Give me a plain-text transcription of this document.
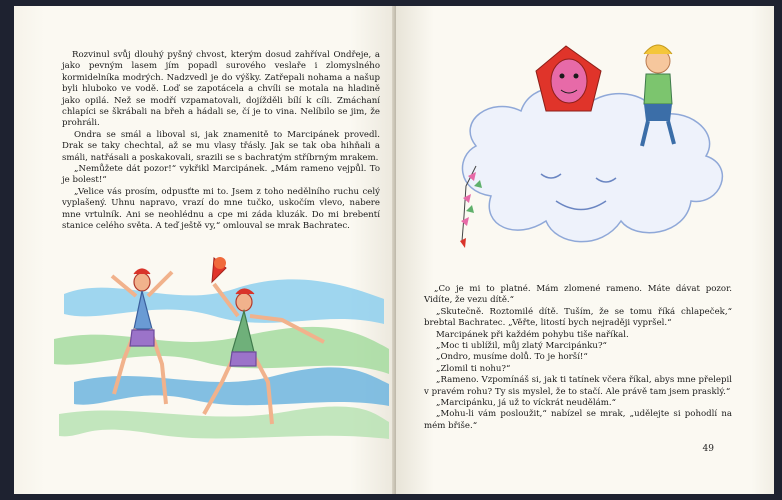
Rozvinul svůj dlouhý pyšný chvost, kterým dosud zahříval Ondřeje, a jako pevným lasem jím popadl surového veslaře i zlomyslného kormidelníka modrých. Nadzvedl je do výšky. Zatřepali nohama a našup byli hluboko ve vodě. Loď se zapotácela a chvíli se motala na hladině jako opilá. Než se modří vzpamatovali, dojížděli bílí k cíli. Zmáchaní chlapíci se škrábali na břeh a hádali se, čí je to vina. Nelíbilo se jim, že prohráli.

Ondra se smál a liboval si, jak znamenitě to Marcipánek provedl. Drak se taky chechtal, až se mu vlasy třásly. Jak se tak oba hihňali a smáli, natřásali a poskakovali, srazili se s bachratým stříbrným mrakem.

„Nemůžete dát pozor!“ vykřikl Marcipánek. „Mám rameno vejpůl. To je bolest!“

„Velice vás prosím, odpusťte mi to. Jsem z toho nedělního ruchu celý vyplašený. Uhnu napravo, vrazí do mne tučko, uskočím vlevo, nabere mne vrtulník. Ani se neohlédnu a cpe mi záda kluzák. Do mi brebentí stanice celého světa. A teď ještě vy,“ omlouval se mrak Bachratec.

„Co je mi to platné. Mám zlomené rameno. Máte dávat pozor. Vidíte, že vezu dítě.“

„Skutečně. Roztomilé dítě. Tuším, že se tomu říká chlapeček,“ brebtal Bachratec. „Věřte, litostí bych nejraději vypršel.“

Marcipánek při každém pohybu tiše naříkal.

„Moc ti ublížil, můj zlatý Marcipánku?“

„Ondro, musíme dolů. To je horší!“

„Zlomil ti nohu?“

„Rameno. Vzpomínáš si, jak ti tatínek včera říkal, abys mne přelepil v pravém rohu? Ty sis myslel, že to stačí. Ale právě tam jsem prasklý.“

„Marcipánku, já už to víckrát neudělám.“

„Mohu-li vám posloužit,“ nabízel se mrak, „udělejte si pohodlí na mém břiše.“

49
